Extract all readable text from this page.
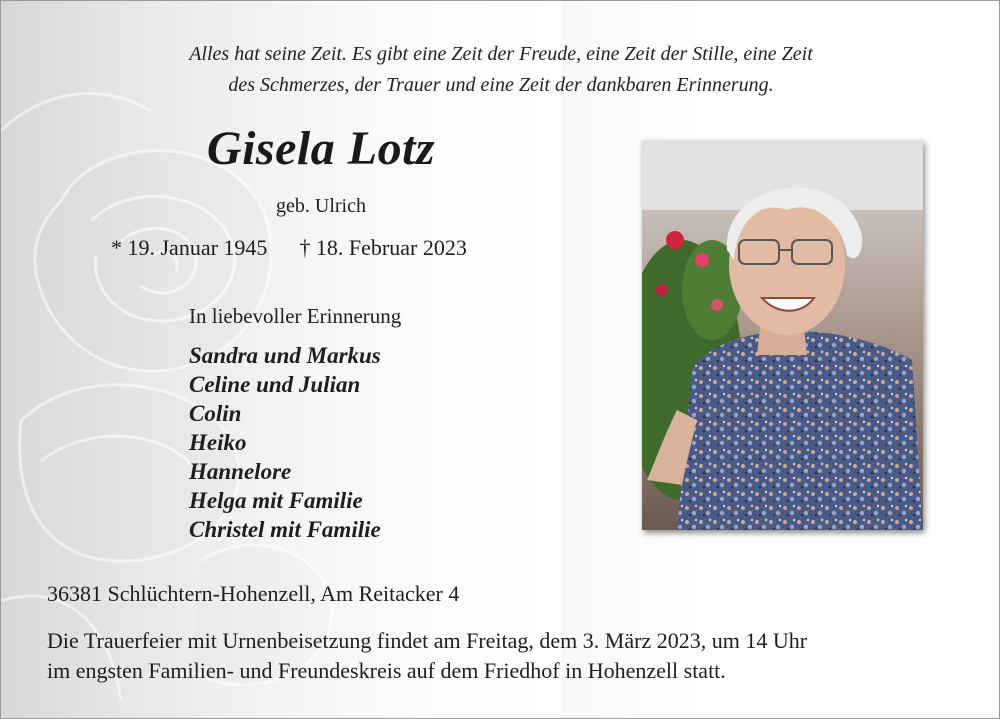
Alles hat seine Zeit. Es gibt eine Zeit der Freude, eine Zeit der Stille, eine Zeit
des Schmerzes, der Trauer und eine Zeit der dankbaren Erinnerung.
Gisela Lotz
geb. Ulrich
* 19. Januar 1945 † 18. Februar 2023
In liebevoller Erinnerung
Sandra und Markus
Celine und Julian
Colin
Heiko
Hannelore
Helga mit Familie
Christel mit Familie
36381 Schlüchtern-Hohenzell, Am Reitacker 4
Die Trauerfeier mit Urnenbeisetzung findet am Freitag, dem 3. März 2023, um 14 Uhr
im engsten Familien- und Freundeskreis auf dem Friedhof in Hohenzell statt.
